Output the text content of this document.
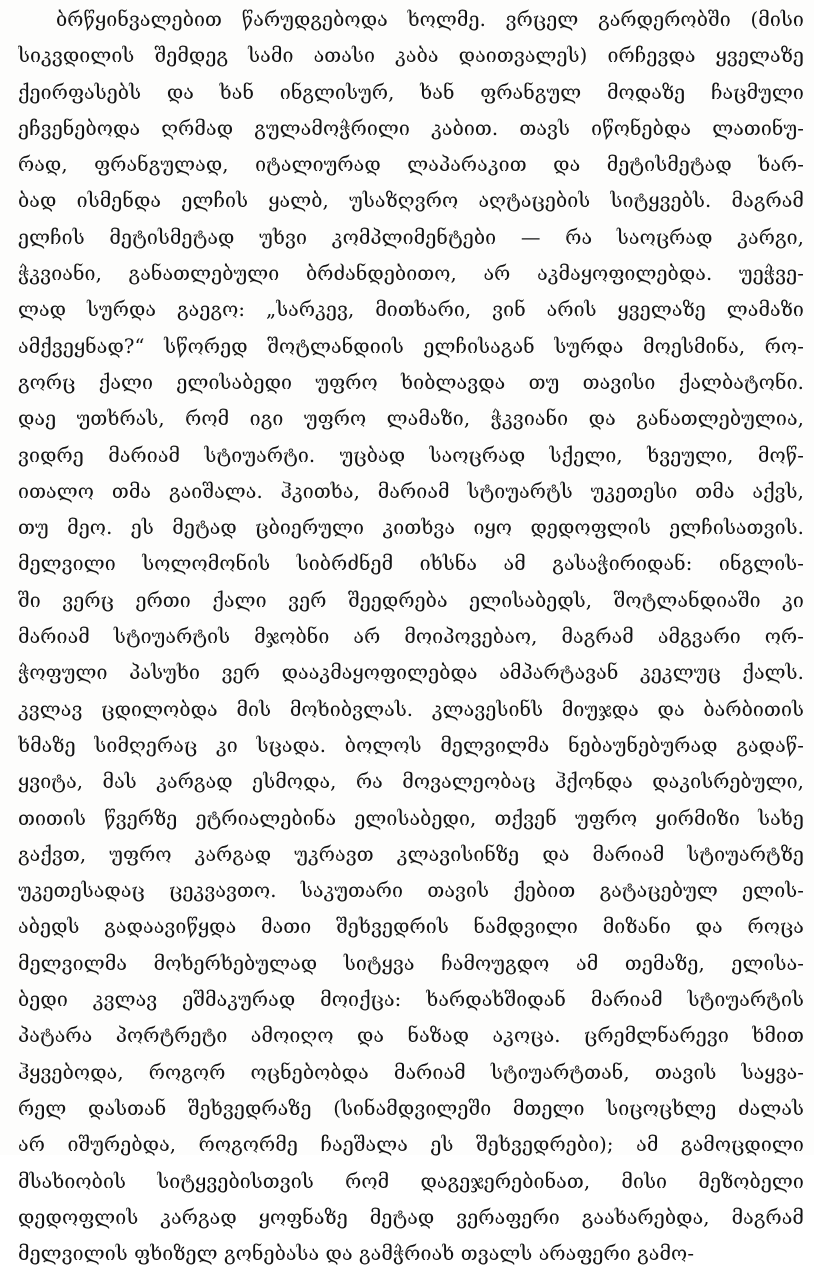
ბრწყინვალებით წარუდგებოდა ხოლმე. ვრცელ გარდერობში (მისი
სიკვდილის შემდეგ სამი ათასი კაბა დაითვალეს) ირჩევდა ყველაზე
ქეირფასებს და ხან ინგლისურ, ხან ფრანგულ მოდაზე ჩაცმული
ეჩვენებოდა ღრმად გულამოჭრილი კაბით. თავს იწონებდა ლათინუ-
რად, ფრანგულად, იტალიურად ლაპარაკით და მეტისმეტად ხარ-
ბად ისმენდა ელჩის ყალბ, უსაზღვრო აღტაცების სიტყვებს. მაგრამ
ელჩის მეტისმეტად უხვი კომპლიმენტები — რა საოცრად კარგი,
ჭკვიანი, განათლებული ბრძანდებითო, არ აკმაყოფილებდა. უეჭვე-
ლად სურდა გაეგო: „სარკევ, მითხარი, ვინ არის ყველაზე ლამაზი
ამქვეყნად?“ სწორედ შოტლანდიის ელჩისაგან სურდა მოესმინა, რო-
გორც ქალი ელისაბედი უფრო ხიბლავდა თუ თავისი ქალბატონი.
დაე უთხრას, რომ იგი უფრო ლამაზი, ჭკვიანი და განათლებულია,
ვიდრე მარიამ სტიუარტი. უცბად საოცრად სქელი, ხვეული, მოწ-
ითალო თმა გაიშალა. ჰკითხა, მარიამ სტიუარტს უკეთესი თმა აქვს,
თუ მეო. ეს მეტად ცბიერული კითხვა იყო დედოფლის ელჩისათვის.
მელვილი სოლომონის სიბრძნემ იხსნა ამ გასაჭირიდან: ინგლის-
ში ვერც ერთი ქალი ვერ შეედრება ელისაბედს, შოტლანდიაში კი
მარიამ სტიუარტის მჯობნი არ მოიპოვებაო, მაგრამ ამგვარი ორ-
ჭოფული პასუხი ვერ დააკმაყოფილებდა ამპარტავან კეკლუც ქალს.
კვლავ ცდილობდა მის მოხიბვლას. კლავესინს მიუჯდა და ბარბითის
ხმაზე სიმღერაც კი სცადა. ბოლოს მელვილმა ნებაუნებურად გადაწ-
ყვიტა, მას კარგად ესმოდა, რა მოვალეობაც ჰქონდა დაკისრებული,
თითის წვერზე ეტრიალებინა ელისაბედი, თქვენ უფრო ყირმიზი სახე
გაქვთ, უფრო კარგად უკრავთ კლავისინზე და მარიამ სტიუარტზე
უკეთესადაც ცეკვავთო. საკუთარი თავის ქებით გატაცებულ ელის-
აბედს გადაავიწყდა მათი შეხვედრის ნამდვილი მიზანი და როცა
მელვილმა მოხერხებულად სიტყვა ჩამოუგდო ამ თემაზე, ელისა-
ბედი კვლავ ეშმაკურად მოიქცა: ხარდახშიდან მარიამ სტიუარტის
პატარა პორტრეტი ამოიღო და ნაზად აკოცა. ცრემლნარევი ხმით
ჰყვებოდა, როგორ ოცნებობდა მარიამ სტიუარტთან, თავის საყვა-
რელ დასთან შეხვედრაზე (სინამდვილეში მთელი სიცოცხლე ძალას
არ იშურებდა, როგორმე ჩაეშალა ეს შეხვედრები); ამ გამოცდილი
მსახიობის სიტყვებისთვის რომ დაგეჯერებინათ, მისი მეზობელი
დედოფლის კარგად ყოფნაზე მეტად ვერაფერი გაახარებდა, მაგრამ
მელვილის ფხიზელ გონებასა და გამჭრიახ თვალს არაფერი გამო-
